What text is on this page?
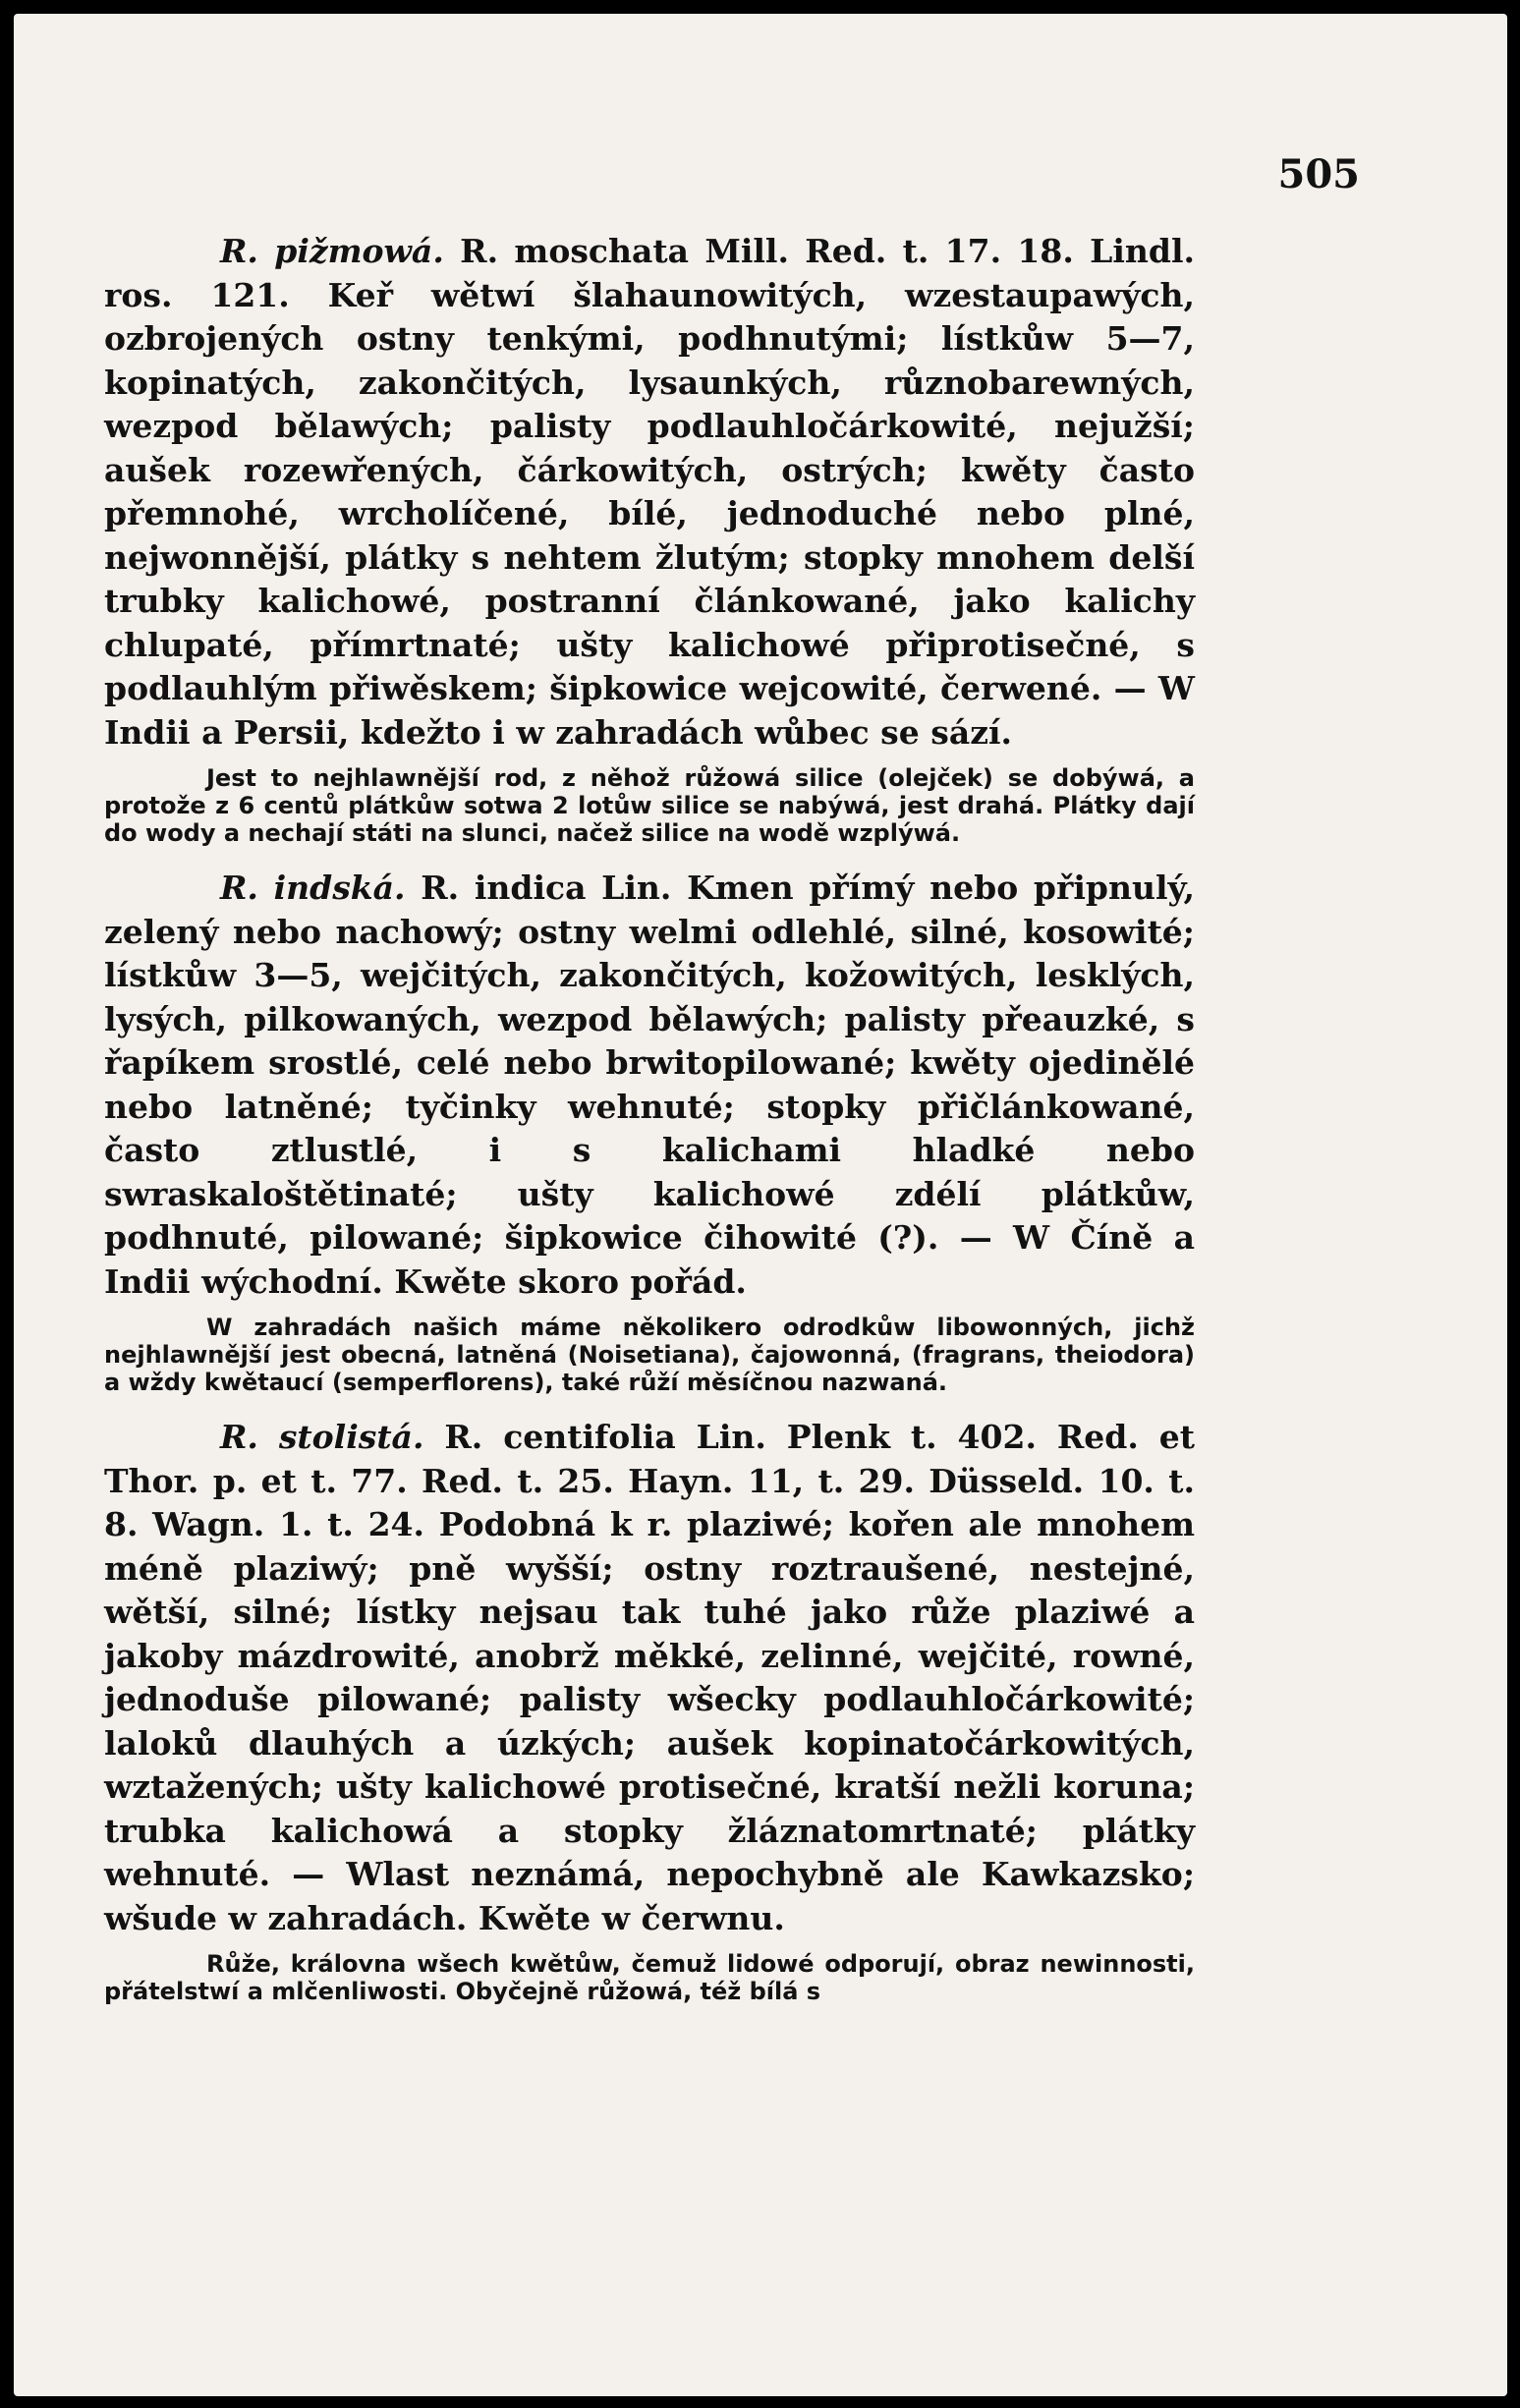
505

R. pižmowá. R. moschata Mill. Red. t. 17. 18. Lindl. ros. 121. Keř wětwí šlahaunowitých, wzestaupawých, ozbrojených ostny tenkými, podhnutými; lístkůw 5—7, kopinatých, zakončitých, lysaunkých, různobarewných, wezpod bělawých; palisty podlauhločárkowité, nejužší; aušek rozewřených, čárkowitých, ostrých; kwěty často přemnohé, wrcholíčené, bílé, jednoduché nebo plné, nejwonnější, plátky s nehtem žlutým; stopky mnohem delší trubky kalichowé, postranní článkowané, jako kalichy chlupaté, přímrtnaté; ušty kalichowé připrotisečné, s podlauhlým přiwěskem; šipkowice wejcowité, čerwené. — W Indii a Persii, kdežto i w zahradách wůbec se sází.

Jest to nejhlawnější rod, z něhož růžowá silice (olejček) se dobýwá, a protože z 6 centů plátkůw sotwa 2 lotůw silice se nabýwá, jest drahá. Plátky dají do wody a nechají státi na slunci, načež silice na wodě wzplýwá.

R. indská. R. indica Lin. Kmen přímý nebo připnulý, zelený nebo nachowý; ostny welmi odlehlé, silné, kosowité; lístkůw 3—5, wejčitých, zakončitých, kožowitých, lesklých, lysých, pilkowaných, wezpod bělawých; palisty přeauzké, s řapíkem srostlé, celé nebo brwitopilowané; kwěty ojedinělé nebo latněné; tyčinky wehnuté; stopky přičlánkowané, často ztlustlé, i s kalichami hladké nebo swraskaloštětinaté; ušty kalichowé zdélí plátkůw, podhnuté, pilowané; šipkowice čihowité (?). — W Číně a Indii wýchodní. Kwěte skoro pořád.

W zahradách našich máme několikero odrodkůw libowonných, jichž nejhlawnější jest obecná, latněná (Noisetiana), čajowonná, (fragrans, theiodora) a wždy kwětaucí (semperflorens), také růží měsíčnou nazwaná.

R. stolistá. R. centifolia Lin. Plenk t. 402. Red. et Thor. p. et t. 77. Red. t. 25. Hayn. 11, t. 29. Düsseld. 10. t. 8. Wagn. 1. t. 24. Podobná k r. plaziwé; kořen ale mnohem méně plaziwý; pně wyšší; ostny roztraušené, nestejné, wětší, silné; lístky nejsau tak tuhé jako růže plaziwé a jakoby mázdrowité, anobrž měkké, zelinné, wejčité, rowné, jednoduše pilowané; palisty wšecky podlauhločárkowité; laloků dlauhých a úzkých; aušek kopinatočárkowitých, wztažených; ušty kalichowé protisečné, kratší nežli koruna; trubka kalichowá a stopky žláznatomrtnaté; plátky wehnuté. — Wlast neznámá, nepochybně ale Kawkazsko; wšude w zahradách. Kwěte w čerwnu.

Růže, královna wšech kwětůw, čemuž lidowé odporují, obraz newinnosti, přátelstwí a mlčenliwosti. Obyčejně růžowá, též bílá s
